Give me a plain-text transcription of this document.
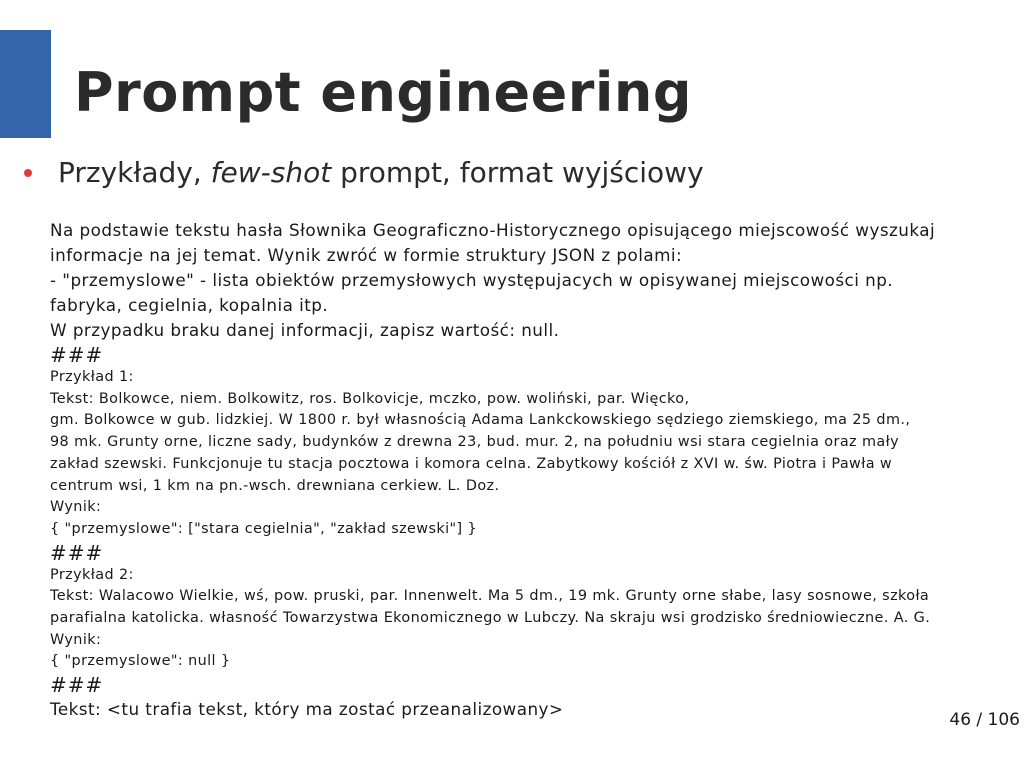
Prompt engineering
Przykłady, few-shot prompt, format wyjściowy
Na podstawie tekstu hasła Słownika Geograficzno-Historycznego opisującego miejscowość wyszukaj
informacje na jej temat. Wynik zwróć w formie struktury JSON z polami:
- "przemyslowe" - lista obiektów przemysłowych występujacych w opisywanej miejscowości np.
fabryka, cegielnia, kopalnia itp.
W przypadku braku danej informacji, zapisz wartość: null.
###
Przykład 1:
Tekst: Bolkowce, niem. Bolkowitz, ros. Bolkovicje, mczko, pow. woliński, par. Więcko,
gm. Bolkowce w gub. lidzkiej. W 1800 r. był własnością Adama Lankckowskiego sędziego ziemskiego, ma 25 dm.,
98 mk. Grunty orne, liczne sady, budynków z drewna 23, bud. mur. 2, na południu wsi stara cegielnia oraz mały
zakład szewski. Funkcjonuje tu stacja pocztowa i komora celna. Zabytkowy kościół z XVI w. św. Piotra i Pawła w
centrum wsi, 1 km na pn.-wsch. drewniana cerkiew. L. Doz.
Wynik:
{ "przemyslowe": ["stara cegielnia", "zakład szewski"] }
###
Przykład 2:
Tekst: Walacowo Wielkie, wś, pow. pruski, par. Innenwelt. Ma 5 dm., 19 mk. Grunty orne słabe, lasy sosnowe, szkoła
parafialna katolicka. własność Towarzystwa Ekonomicznego w Lubczy. Na skraju wsi grodzisko średniowieczne. A. G.
Wynik:
{ "przemyslowe": null }
###
Tekst: <tu trafia tekst, który ma zostać przeanalizowany>
46 / 106
